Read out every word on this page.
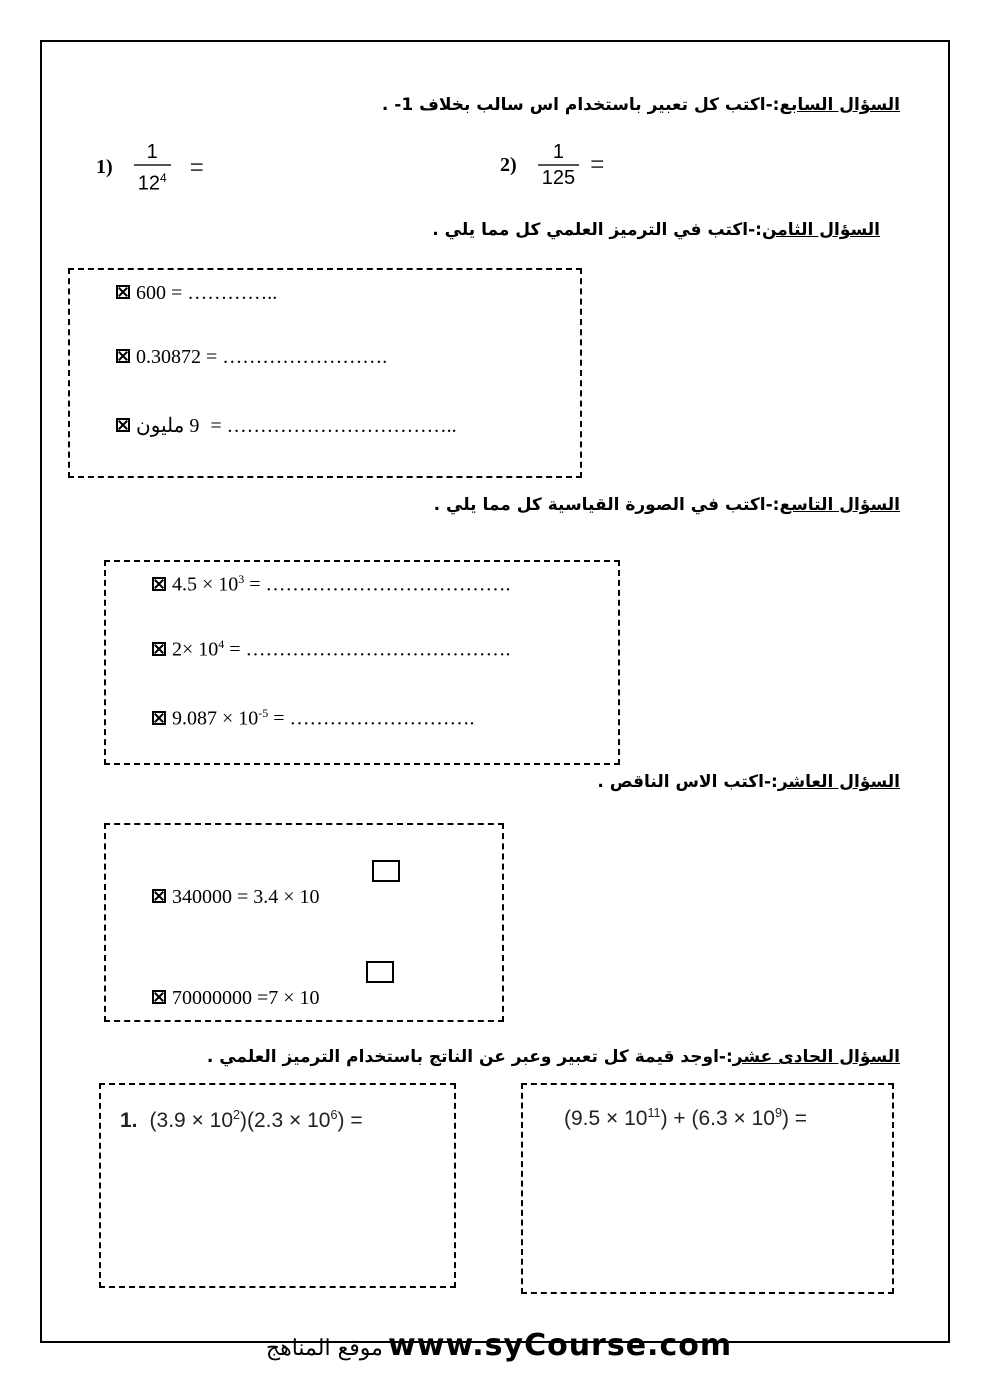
السؤال السابع:-اكتب كل تعبير باستخدام اس سالب بخلاف 1- .
$1) \frac{1}{12^4}$ =	$2) \frac{1}{125}$ =
السؤال الثامن:-اكتب في الترميز العلمي كل مما يلي .
600 = …………..
0.30872 = …………………….
9 مليون = ……………………………..
السؤال التاسع:-اكتب في الصورة القياسية كل مما يلي .
$4.5 \times 10^3$ = ……………………………….
$2\times 10^4$ = ………………………………….
$9.087 \times 10^{-5}$ = ……………………….
السؤال العاشر:-اكتب الاس الناقص .
340000 = 3.4 × 10
70000000 =7 × 10
السؤال الحادى عشر:-اوجد قيمة كل تعبير وعبر عن الناتج باستخدام الترميز العلمي .
1. $(3.9 \times 10^2)(2.3 \times 10^6)$ =	$(9.5 \times 10^{11}) + (6.3 \times 10^9)$ =
موقع المناهج www.syCourse.com
